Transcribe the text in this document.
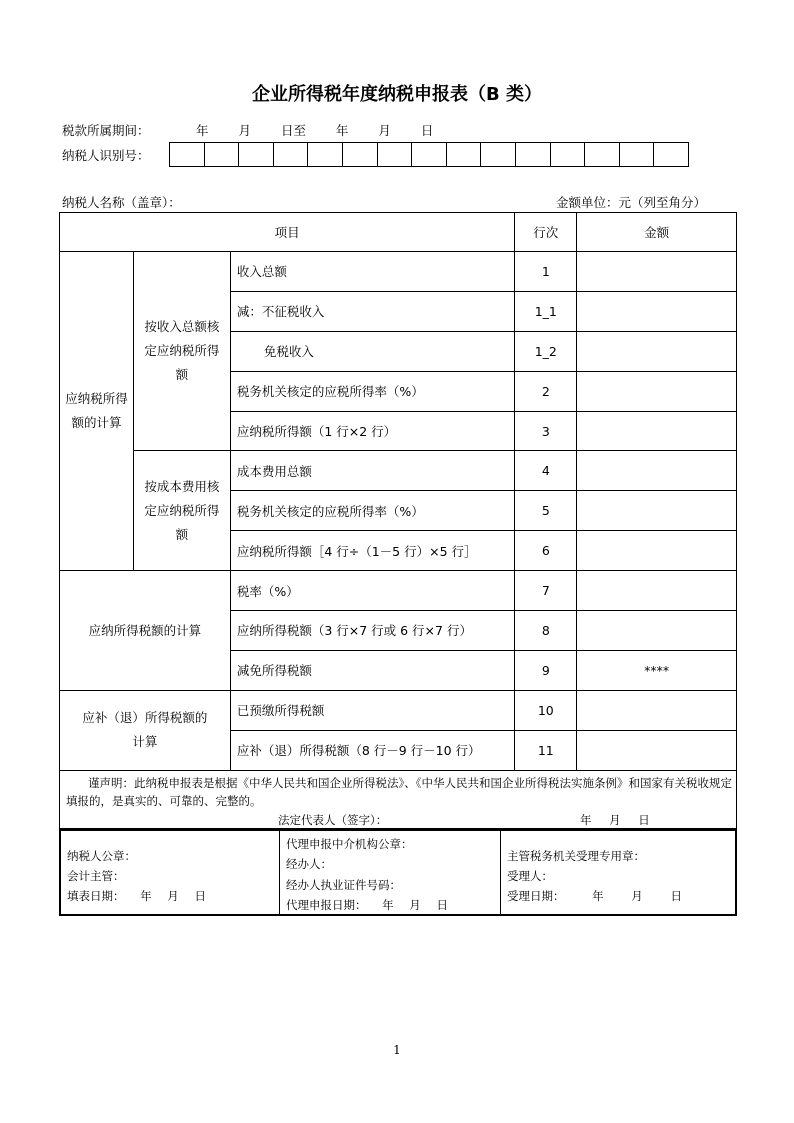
企业所得税年度纳税申报表（B 类）
税款所属期间：	年 月 日至 年 月 日
纳税人识别号：
纳税人名称（盖章）：	金额单位：元（列至角分）
项目			行次	金额
应纳税所得额的计算	按收入总额核定应纳税所得额	收入总额	1	
		减：不征税收入	1_1	
		免税收入	1_2	
		税务机关核定的应税所得率（%）	2	
		应纳税所得额（1 行×2 行）	3	
	按成本费用核定应纳税所得额	成本费用总额	4	
		税务机关核定的应税所得率（%）	5	
		应纳税所得额［4 行÷（1－5 行）×5 行］	6	
应纳所得税额的计算		税率（%）	7	
		应纳所得税额（3 行×7 行或 6 行×7 行）	8	
		减免所得税额	9	****
应补（退）所得税额的计算		已预缴所得税额	10	
		应补（退）所得税额（8 行－9 行－10 行）	11	
谨声明：此纳税申报表是根据《中华人民共和国企业所得税法》、《中华人民共和国企业所得税法实施条例》和国家有关税收规定填报的，是真实的、可靠的、完整的。
法定代表人（签字）：	年 月 日
纳税人公章：
会计主管：
填表日期： 年 月 日
代理申报中介机构公章：
经办人：
经办人执业证件号码：
代理申报日期： 年 月 日
主管税务机关受理专用章：
受理人：
受理日期： 年 月 日
1
